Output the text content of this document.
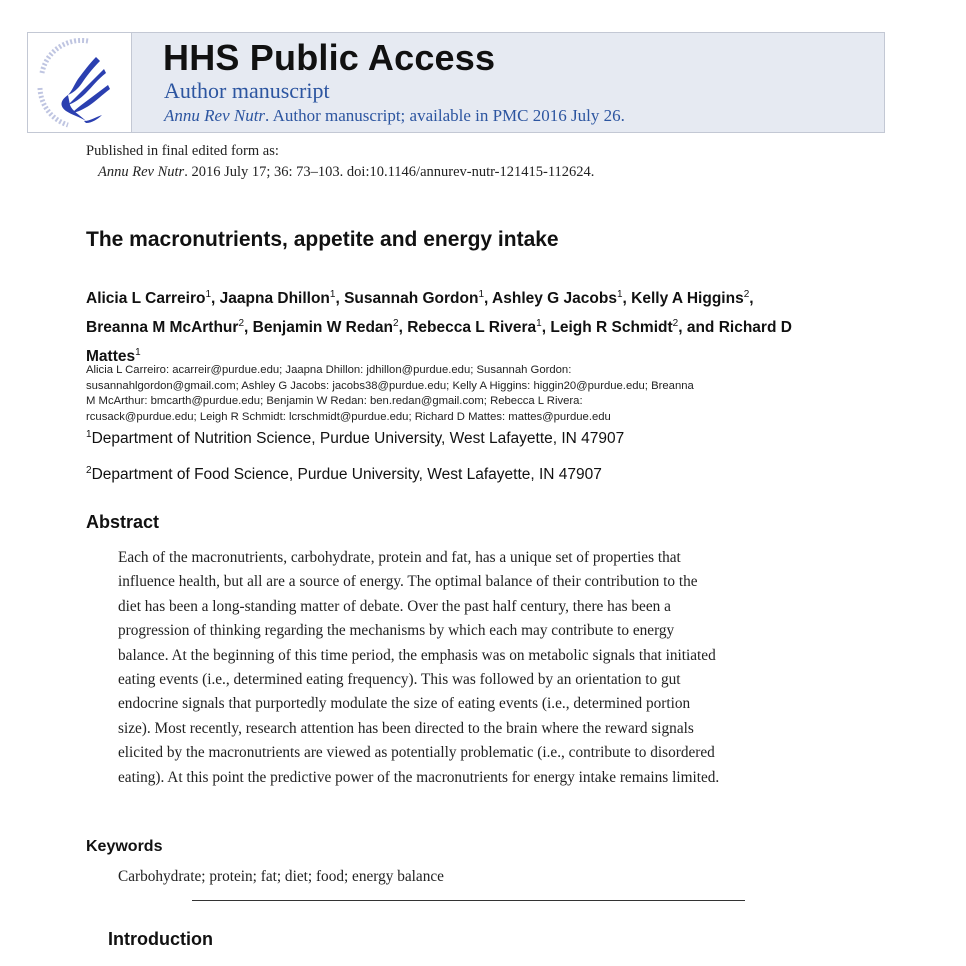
HHS Public Access
Author manuscript
Annu Rev Nutr. Author manuscript; available in PMC 2016 July 26.
Published in final edited form as:
Annu Rev Nutr. 2016 July 17; 36: 73–103. doi:10.1146/annurev-nutr-121415-112624.
The macronutrients, appetite and energy intake
Alicia L Carreiro$^1$, Jaapna Dhillon$^1$, Susannah Gordon$^1$, Ashley G Jacobs$^1$, Kelly A Higgins$^2$, Breanna M McArthur$^2$, Benjamin W Redan$^2$, Rebecca L Rivera$^1$, Leigh R Schmidt$^2$, and Richard D Mattes$^1$
Alicia L Carreiro: acarreir@purdue.edu; Jaapna Dhillon: jdhillon@purdue.edu; Susannah Gordon:
susannahlgordon@gmail.com; Ashley G Jacobs: jacobs38@purdue.edu; Kelly A Higgins: higgin20@purdue.edu; Breanna
M McArthur: bmcarth@purdue.edu; Benjamin W Redan: ben.redan@gmail.com; Rebecca L Rivera:
rcusack@purdue.edu; Leigh R Schmidt: lcrschmidt@purdue.edu; Richard D Mattes: mattes@purdue.edu
$^1$Department of Nutrition Science, Purdue University, West Lafayette, IN 47907
$^2$Department of Food Science, Purdue University, West Lafayette, IN 47907
Abstract
Each of the macronutrients, carbohydrate, protein and fat, has a unique set of properties that
influence health, but all are a source of energy. The optimal balance of their contribution to the
diet has been a long-standing matter of debate. Over the past half century, there has been a
progression of thinking regarding the mechanisms by which each may contribute to energy
balance. At the beginning of this time period, the emphasis was on metabolic signals that initiated
eating events (i.e., determined eating frequency). This was followed by an orientation to gut
endocrine signals that purportedly modulate the size of eating events (i.e., determined portion
size). Most recently, research attention has been directed to the brain where the reward signals
elicited by the macronutrients are viewed as potentially problematic (i.e., contribute to disordered
eating). At this point the predictive power of the macronutrients for energy intake remains limited.
Keywords
Carbohydrate; protein; fat; diet; food; energy balance
Introduction
